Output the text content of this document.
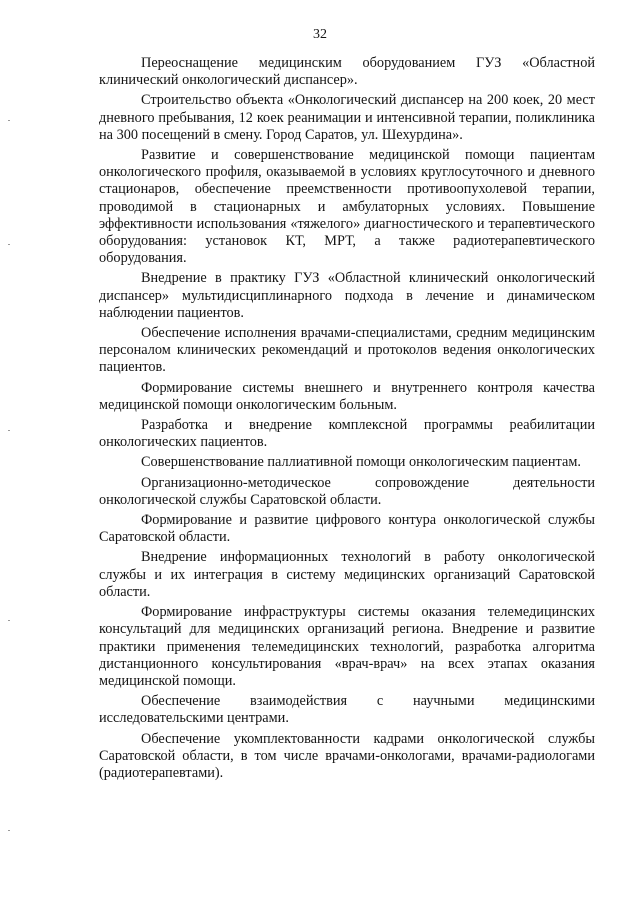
32

Переоснащение медицинским оборудованием ГУЗ «Областной клинический онкологический диспансер».

Строительство объекта «Онкологический диспансер на 200 коек, 20 мест дневного пребывания, 12 коек реанимации и интенсивной терапии, поликлиника на 300 посещений в смену. Город Саратов, ул. Шехурдина».

Развитие и совершенствование медицинской помощи пациентам онкологического профиля, оказываемой в условиях круглосуточного и дневного стационаров, обеспечение преемственности противоопухолевой терапии, проводимой в стационарных и амбулаторных условиях. Повышение эффективности использования «тяжелого» диагностического и терапевтического оборудования: установок КТ, МРТ, а также радиотерапевтического оборудования.

Внедрение в практику ГУЗ «Областной клинический онкологический диспансер» мультидисциплинарного подхода в лечение и динамическом наблюдении пациентов.

Обеспечение исполнения врачами-специалистами, средним медицинским персоналом клинических рекомендаций и протоколов ведения онкологических пациентов.

Формирование системы внешнего и внутреннего контроля качества медицинской помощи онкологическим больным.

Разработка и внедрение комплексной программы реабилитации онкологических пациентов.

Совершенствование паллиативной помощи онкологическим пациентам.

Организационно-методическое сопровождение деятельности онкологической службы Саратовской области.

Формирование и развитие цифрового контура онкологической службы Саратовской области.

Внедрение информационных технологий в работу онкологической службы и их интеграция в систему медицинских организаций Саратовской области.

Формирование инфраструктуры системы оказания телемедицинских консультаций для медицинских организаций региона. Внедрение и развитие практики применения телемедицинских технологий, разработка алгоритма дистанционного консультирования «врач-врач» на всех этапах оказания медицинской помощи.

Обеспечение взаимодействия с научными медицинскими исследовательскими центрами.

Обеспечение укомплектованности кадрами онкологической службы Саратовской области, в том числе врачами-онкологами, врачами-радиологами (радиотерапевтами).
